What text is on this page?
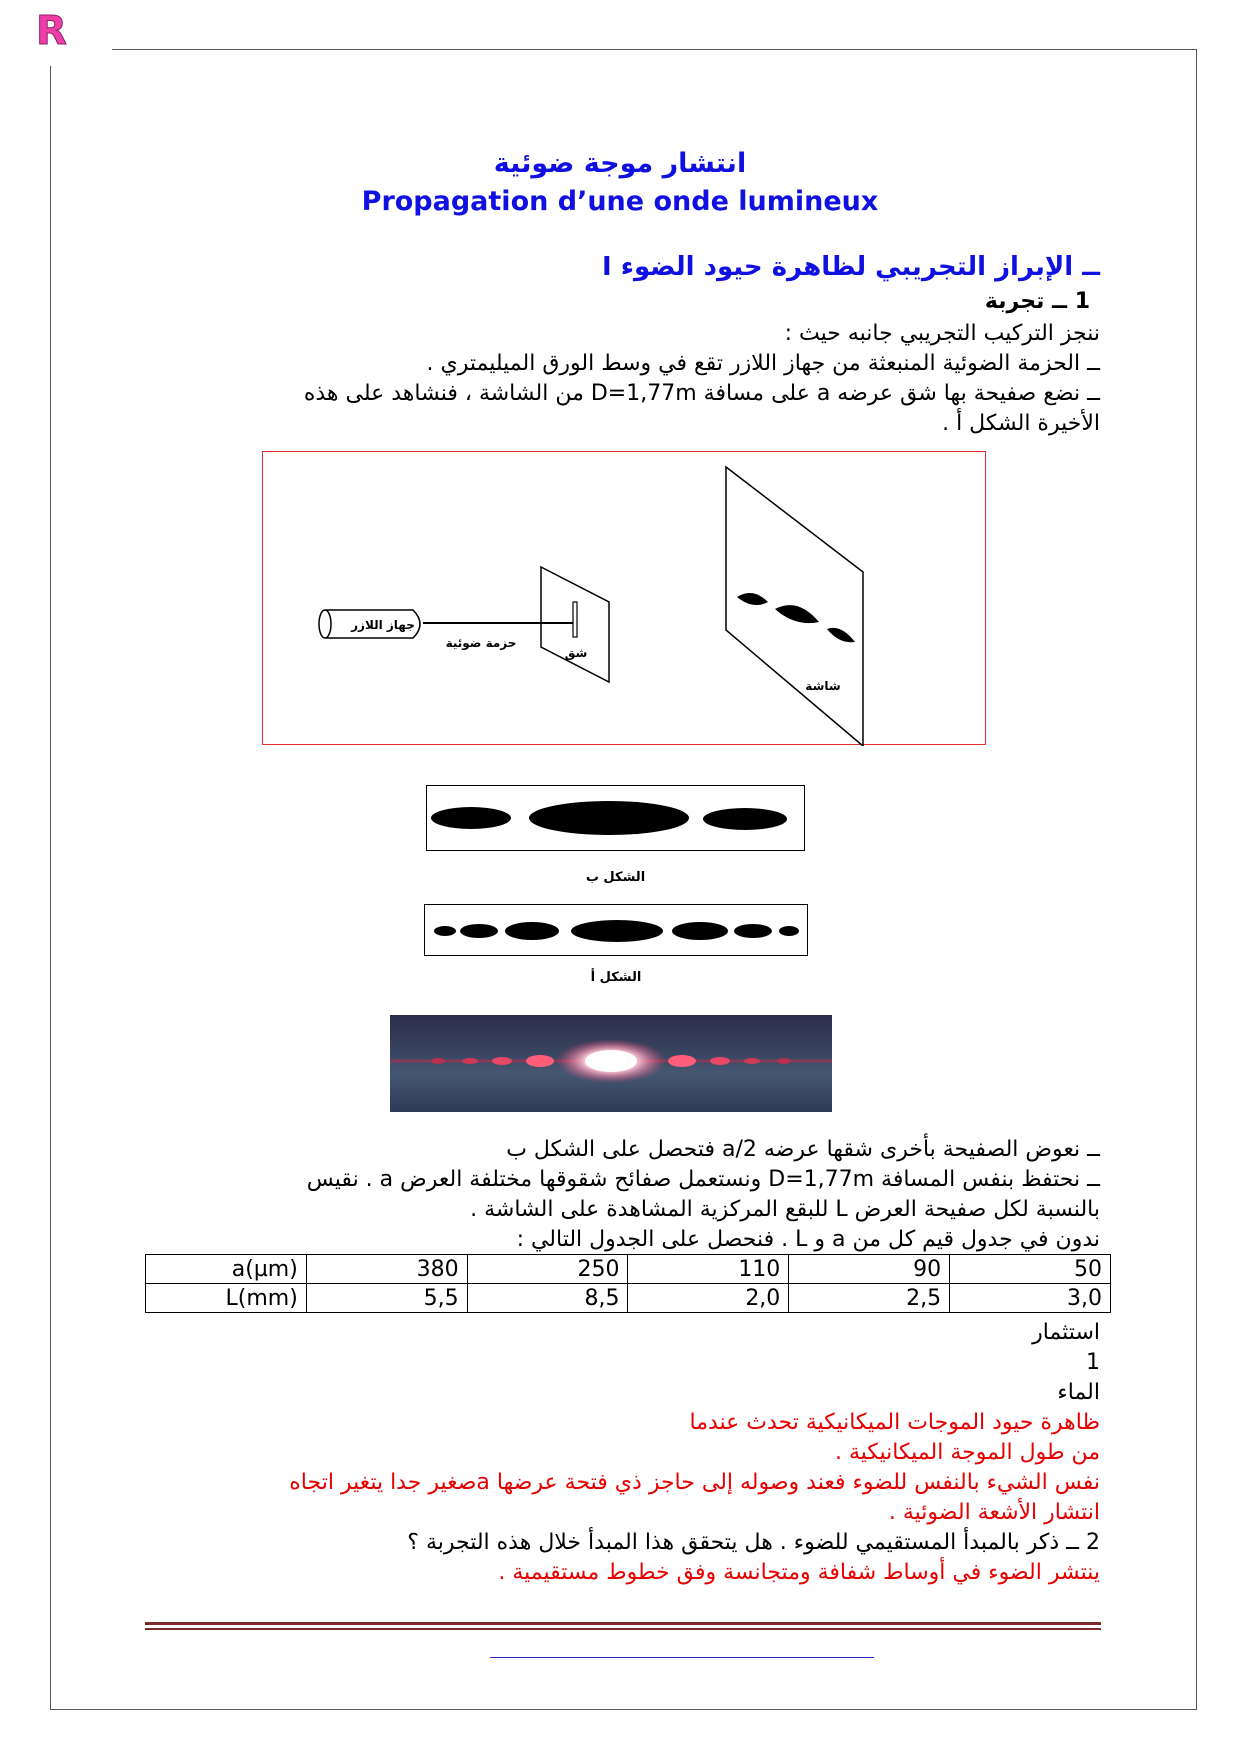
R
انتشار موجة ضوئية
Propagation d’une onde lumineux
I ــ الإبراز التجريبي لظاهرة حيود الضوء
1 ــ تجربة
ننجز التركيب التجريبي جانبه حيث :
ــ الحزمة الضوئية المنبعثة من جهاز اللازر تقع في وسط الورق الميليمتري .
ــ نضع صفيحة بها شق عرضه a على مسافة D=1,77m من الشاشة ، فنشاهد على هذه
الأخيرة الشكل أ .
جهاز اللازر
حزمة ضوئية
شق
شاشة
الشكل ب
الشكل أ
ــ نعوض الصفيحة بأخرى شقها عرضه a/2 فتحصل على الشكل ب
ــ نحتفظ بنفس المسافة D=1,77m ونستعمل صفائح شقوقها مختلفة العرض a . نقيس
بالنسبة لكل صفيحة العرض L للبقع المركزية المشاهدة على الشاشة .
ندون في جدول قيم كل من a و L . فنحصل على الجدول التالي :
a(µm)	380	250	110	90	50
L(mm)	5,5	8,5	2,0	2,5	3,0
استثمار
1
الماء
ظاهرة حيود الموجات الميكانيكية تحدث عندما
من طول الموجة الميكانيكية .
نفس الشيء بالنفس للضوء فعند وصوله إلى حاجز ذي فتحة عرضها aصغير جدا يتغير اتجاه
انتشار الأشعة الضوئية .
2 ــ ذكر بالمبدأ المستقيمي للضوء . هل يتحقق هذا المبدأ خلال هذه التجربة ؟
ينتشر الضوء في أوساط شفافة ومتجانسة وفق خطوط مستقيمية .
